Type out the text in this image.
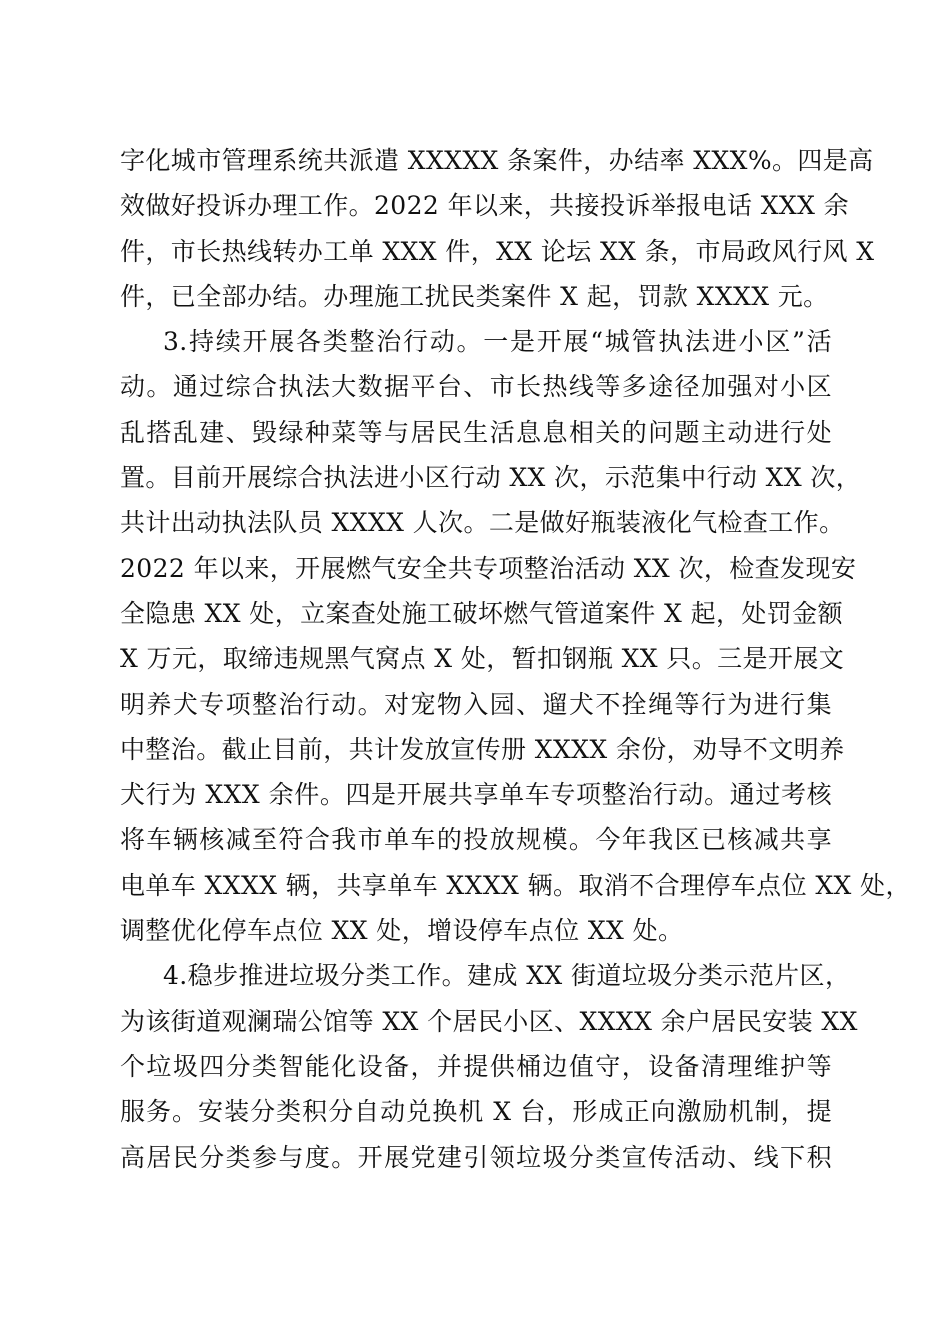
字化城市管理系统共派遣 XXXXX 条案件，办结率 XXX%。四是高
效做好投诉办理工作。2022 年以来，共接投诉举报电话 XXX 余
件，市长热线转办工单 XXX 件，XX 论坛 XX 条，市局政风行风 X
件，已全部办结。办理施工扰民类案件 X 起，罚款 XXXX 元。
3.持续开展各类整治行动。一是开展“城管执法进小区”活
动。通过综合执法大数据平台、市长热线等多途径加强对小区
乱搭乱建、毁绿种菜等与居民生活息息相关的问题主动进行处
置。目前开展综合执法进小区行动 XX 次，示范集中行动 XX 次，
共计出动执法队员 XXXX 人次。二是做好瓶装液化气检查工作。
2022 年以来，开展燃气安全共专项整治活动 XX 次，检查发现安
全隐患 XX 处，立案查处施工破坏燃气管道案件 X 起，处罚金额
X 万元，取缔违规黑气窝点 X 处，暂扣钢瓶 XX 只。三是开展文
明养犬专项整治行动。对宠物入园、遛犬不拴绳等行为进行集
中整治。截止目前，共计发放宣传册 XXXX 余份，劝导不文明养
犬行为 XXX 余件。四是开展共享单车专项整治行动。通过考核
将车辆核减至符合我市单车的投放规模。今年我区已核减共享
电单车 XXXX 辆，共享单车 XXXX 辆。取消不合理停车点位 XX 处，
调整优化停车点位 XX 处，增设停车点位 XX 处。
4.稳步推进垃圾分类工作。建成 XX 街道垃圾分类示范片区，
为该街道观澜瑞公馆等 XX 个居民小区、XXXX 余户居民安装 XX
个垃圾四分类智能化设备，并提供桶边值守，设备清理维护等
服务。安装分类积分自动兑换机 X 台，形成正向激励机制，提
高居民分类参与度。开展党建引领垃圾分类宣传活动、线下积
